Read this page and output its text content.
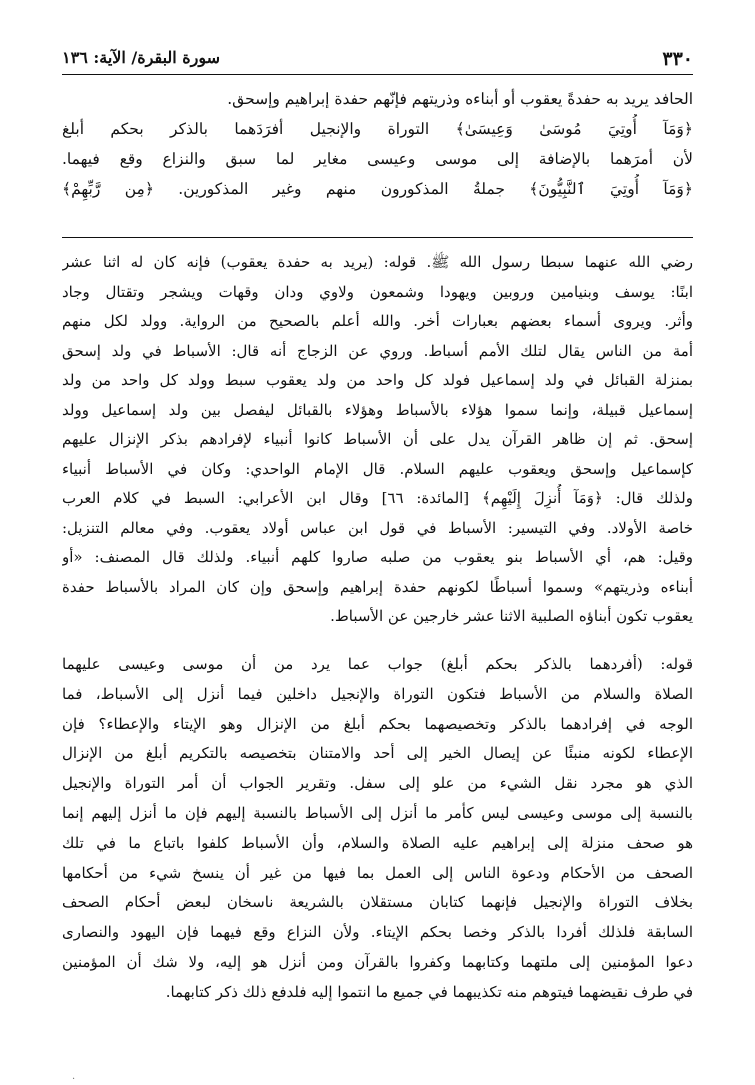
٣٣٠
سورة البقرة/ الآية: ١٣٦
الحافد يريد به حفدةً يعقوب أو أبناءه وذريتهم فإنّهم حفدة إبراهيم وإسحق.
﴿وَمَآ أُوتِيَ مُوسَىٰ وَعِيسَىٰ﴾ التوراة والإنجيل أفرَدَهما بالذكر بحكم أبلغ
لأن أمرَهما بالإضافة إلى موسى وعيسى مغاير لما سبق والنزاع وقع فيهما.
﴿وَمَآ أُوتِيَ ٱلنَّبِيُّونَ﴾ جملةُ المذكورون منهم وغير المذكورين. ﴿مِن رَّبِّهِمْ﴾
رضي الله عنهما سبطا رسول الله ﷺ. قوله: (يريد به حفدة يعقوب) فإنه كان له اثنا عشر
ابنًا: يوسف وبنيامين وروبين ويهودا وشمعون ولاوي ودان وقهات ويشجر وتقتال وجاد
وأثر. ويروى أسماء بعضهم بعبارات أخر. والله أعلم بالصحيح من الرواية. وولد لكل منهم
أمة من الناس يقال لتلك الأمم أسباط. وروي عن الزجاج أنه قال: الأسباط في ولد إسحق
بمنزلة القبائل في ولد إسماعيل فولد كل واحد من ولد يعقوب سبط وولد كل واحد من ولد
إسماعيل قبيلة، وإنما سموا هؤلاء بالأسباط وهؤلاء بالقبائل ليفصل بين ولد إسماعيل وولد
إسحق. ثم إن ظاهر القرآن يدل على أن الأسباط كانوا أنبياء لإفرادهم بذكر الإنزال عليهم
كإسماعيل وإسحق ويعقوب عليهم السلام. قال الإمام الواحدي: وكان في الأسباط أنبياء
ولذلك قال: ﴿وَمَآ أُنزِلَ إِلَيْهِم﴾ [المائدة: ٦٦] وقال ابن الأعرابي: السبط في كلام العرب
خاصة الأولاد. وفي التيسير: الأسباط في قول ابن عباس أولاد يعقوب. وفي معالم التنزيل:
وقيل: هم، أي الأسباط بنو يعقوب من صلبه صاروا كلهم أنبياء. ولذلك قال المصنف: «أو
أبناءه وذريتهم» وسموا أسباطًا لكونهم حفدة إبراهيم وإسحق وإن كان المراد بالأسباط حفدة
يعقوب تكون أبناؤه الصلبية الاثنا عشر خارجين عن الأسباط.
قوله: (أفردهما بالذكر بحكم أبلغ) جواب عما يرد من أن موسى وعيسى عليهما
الصلاة والسلام من الأسباط فتكون التوراة والإنجيل داخلين فيما أنزل إلى الأسباط، فما
الوجه في إفرادهما بالذكر وتخصيصهما بحكم أبلغ من الإنزال وهو الإيتاء والإعطاء؟ فإن
الإعطاء لكونه منبئًا عن إيصال الخير إلى أحد والامتنان بتخصيصه بالتكريم أبلغ من الإنزال
الذي هو مجرد نقل الشيء من علو إلى سفل. وتقرير الجواب أن أمر التوراة والإنجيل
بالنسبة إلى موسى وعيسى ليس كأمر ما أنزل إلى الأسباط بالنسبة إليهم فإن ما أنزل إليهم إنما
هو صحف منزلة إلى إبراهيم عليه الصلاة والسلام، وأن الأسباط كلفوا باتباع ما في تلك
الصحف من الأحكام ودعوة الناس إلى العمل بما فيها من غير أن ينسخ شيء من أحكامها
بخلاف التوراة والإنجيل فإنهما كتابان مستقلان بالشريعة ناسخان لبعض أحكام الصحف
السابقة فلذلك أفردا بالذكر وخصا بحكم الإيتاء. ولأن النزاع وقع فيهما فإن اليهود والنصارى
دعوا المؤمنين إلى ملتهما وكتابهما وكفروا بالقرآن ومن أنزل هو إليه، ولا شك أن المؤمنين
في طرف نقيضهما فيتوهم منه تكذيبهما في جميع ما انتموا إليه فلدفع ذلك ذكر كتابهما.
·
